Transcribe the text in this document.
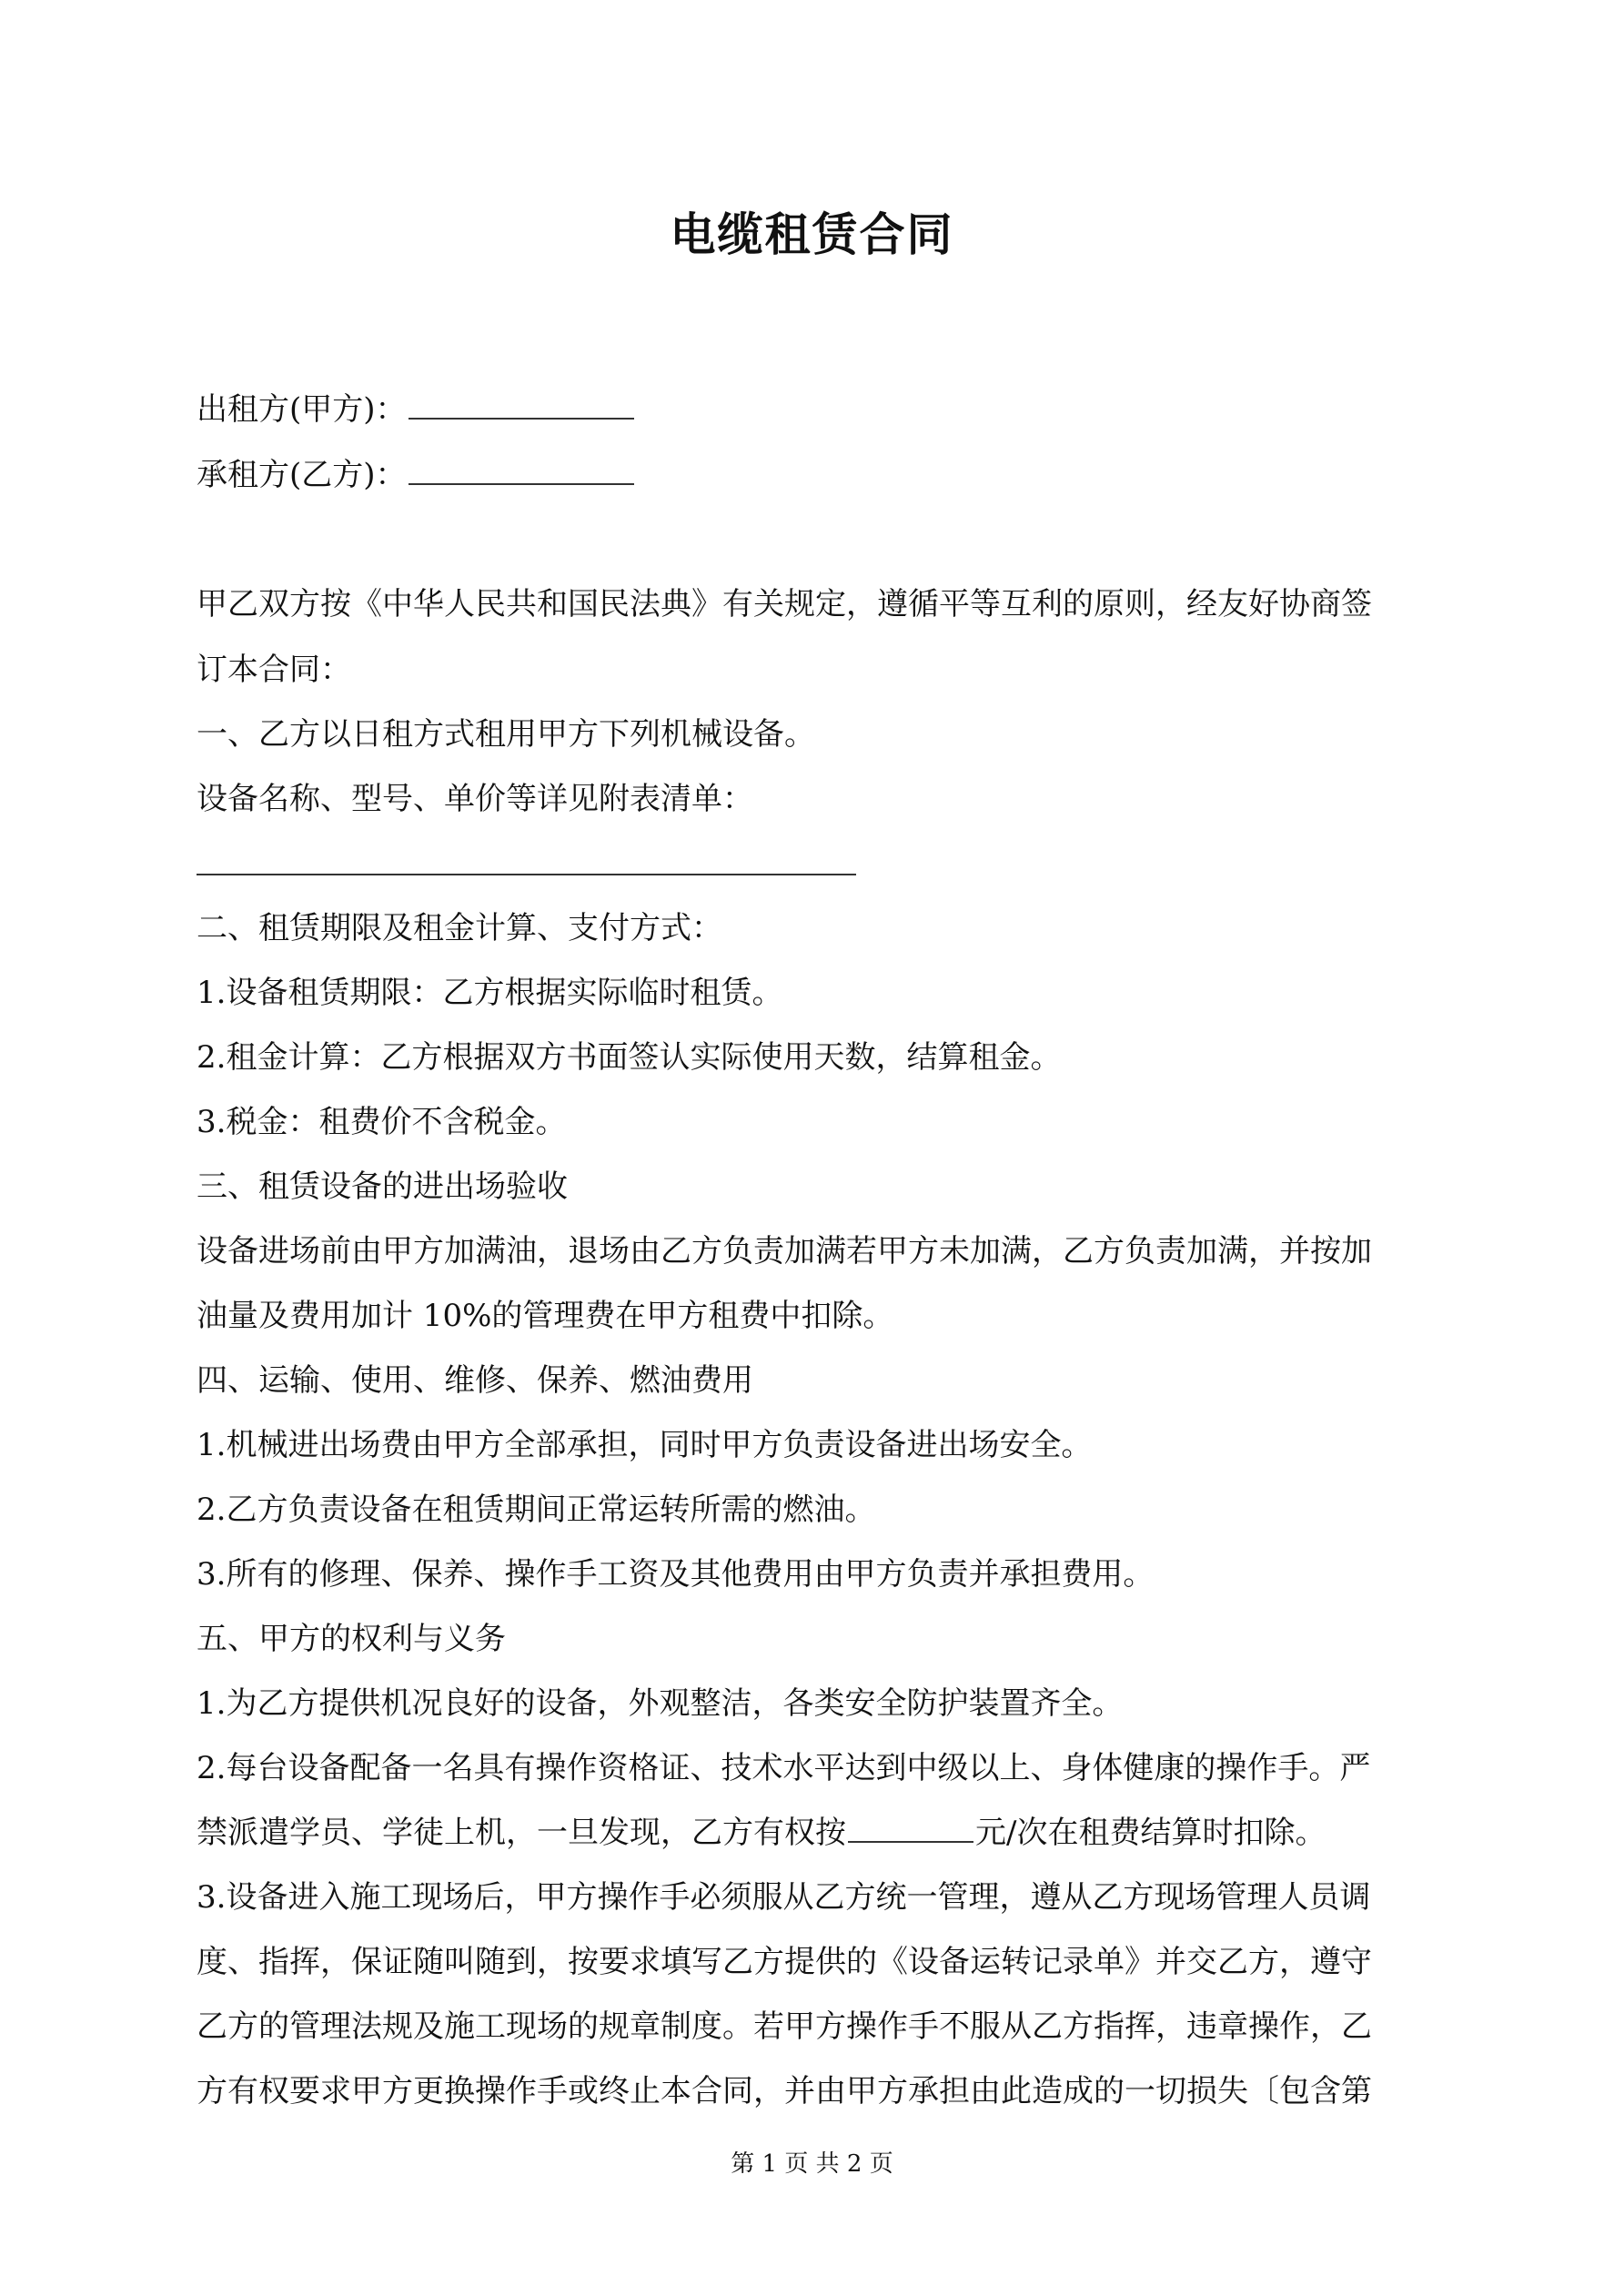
电缆租赁合同
出租方(甲方)：
承租方(乙方)：
甲乙双方按《中华人民共和国民法典》有关规定，遵循平等互利的原则，经友好协商签
订本合同：
一、乙方以日租方式租用甲方下列机械设备。
设备名称、型号、单价等详见附表清单：
二、租赁期限及租金计算、支付方式：
1.设备租赁期限：乙方根据实际临时租赁。
2.租金计算：乙方根据双方书面签认实际使用天数，结算租金。
3.税金：租费价不含税金。
三、租赁设备的进出场验收
设备进场前由甲方加满油，退场由乙方负责加满若甲方未加满，乙方负责加满，并按加
油量及费用加计 10%的管理费在甲方租费中扣除。
四、运输、使用、维修、保养、燃油费用
1.机械进出场费由甲方全部承担，同时甲方负责设备进出场安全。
2.乙方负责设备在租赁期间正常运转所需的燃油。
3.所有的修理、保养、操作手工资及其他费用由甲方负责并承担费用。
五、甲方的权利与义务
1.为乙方提供机况良好的设备，外观整洁，各类安全防护装置齐全。
2.每台设备配备一名具有操作资格证、技术水平达到中级以上、身体健康的操作手。严
禁派遣学员、学徒上机，一旦发现，乙方有权按	元/次在租费结算时扣除。
3.设备进入施工现场后，甲方操作手必须服从乙方统一管理，遵从乙方现场管理人员调
度、指挥，保证随叫随到，按要求填写乙方提供的《设备运转记录单》并交乙方，遵守
乙方的管理法规及施工现场的规章制度。若甲方操作手不服从乙方指挥，违章操作，乙
方有权要求甲方更换操作手或终止本合同，并由甲方承担由此造成的一切损失〔包含第
第 1 页 共 2 页
